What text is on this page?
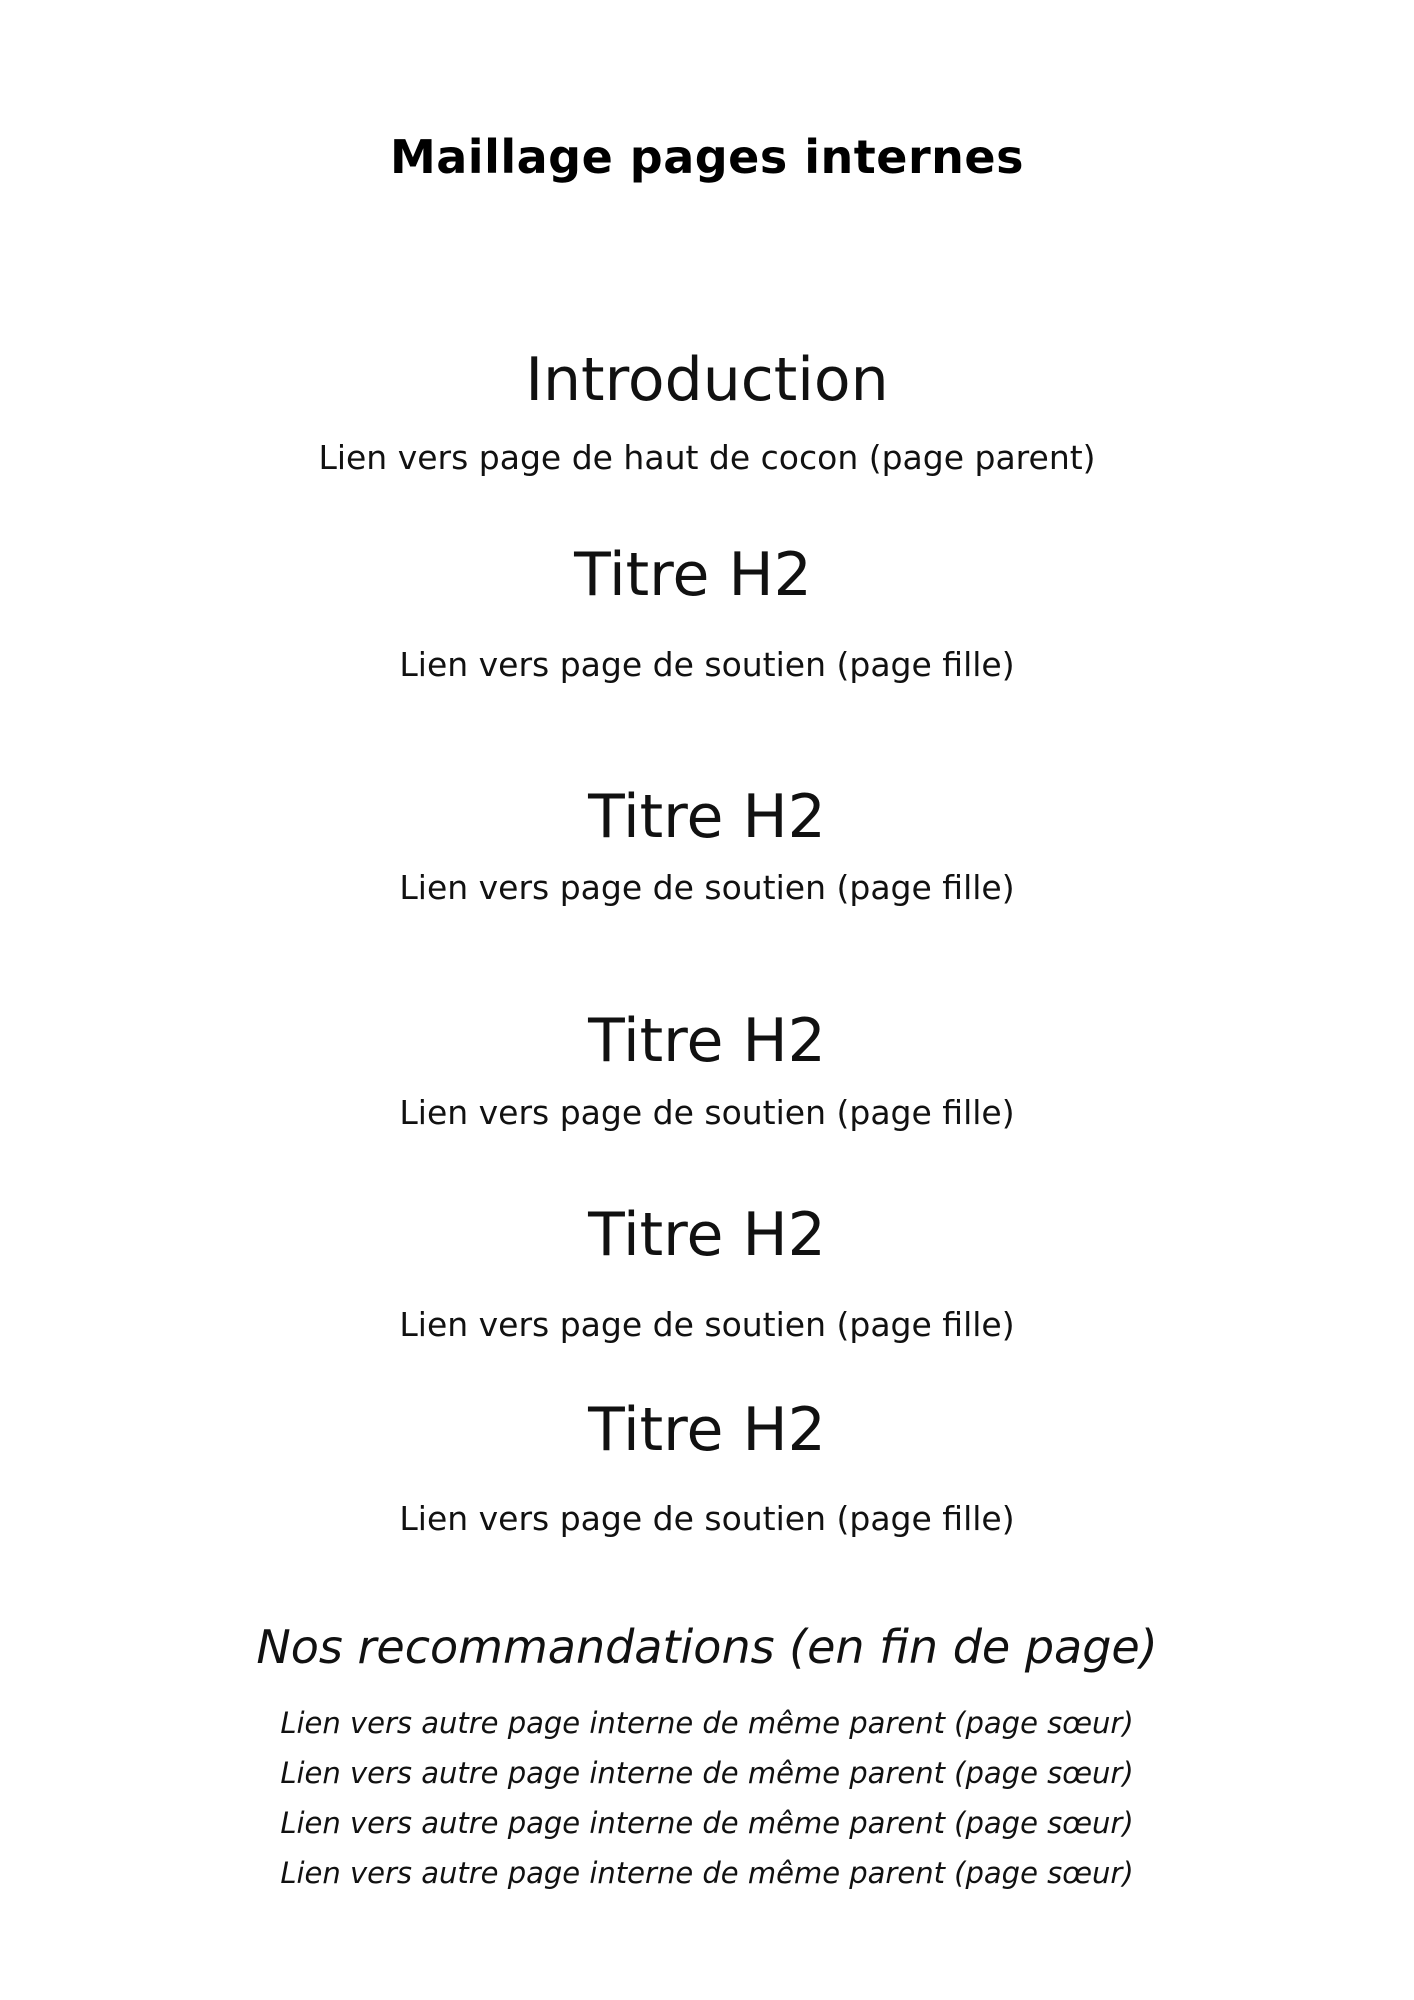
Maillage pages internes
Introduction
Lien vers page de haut de cocon (page parent)
Titre H2
Lien vers page de soutien (page fille)
Titre H2
Lien vers page de soutien (page fille)
Titre H2
Lien vers page de soutien (page fille)
Titre H2
Lien vers page de soutien (page fille)
Titre H2
Lien vers page de soutien (page fille)
Nos recommandations (en fin de page)
Lien vers autre page interne de même parent (page sœur)
Lien vers autre page interne de même parent (page sœur)
Lien vers autre page interne de même parent (page sœur)
Lien vers autre page interne de même parent (page sœur)
